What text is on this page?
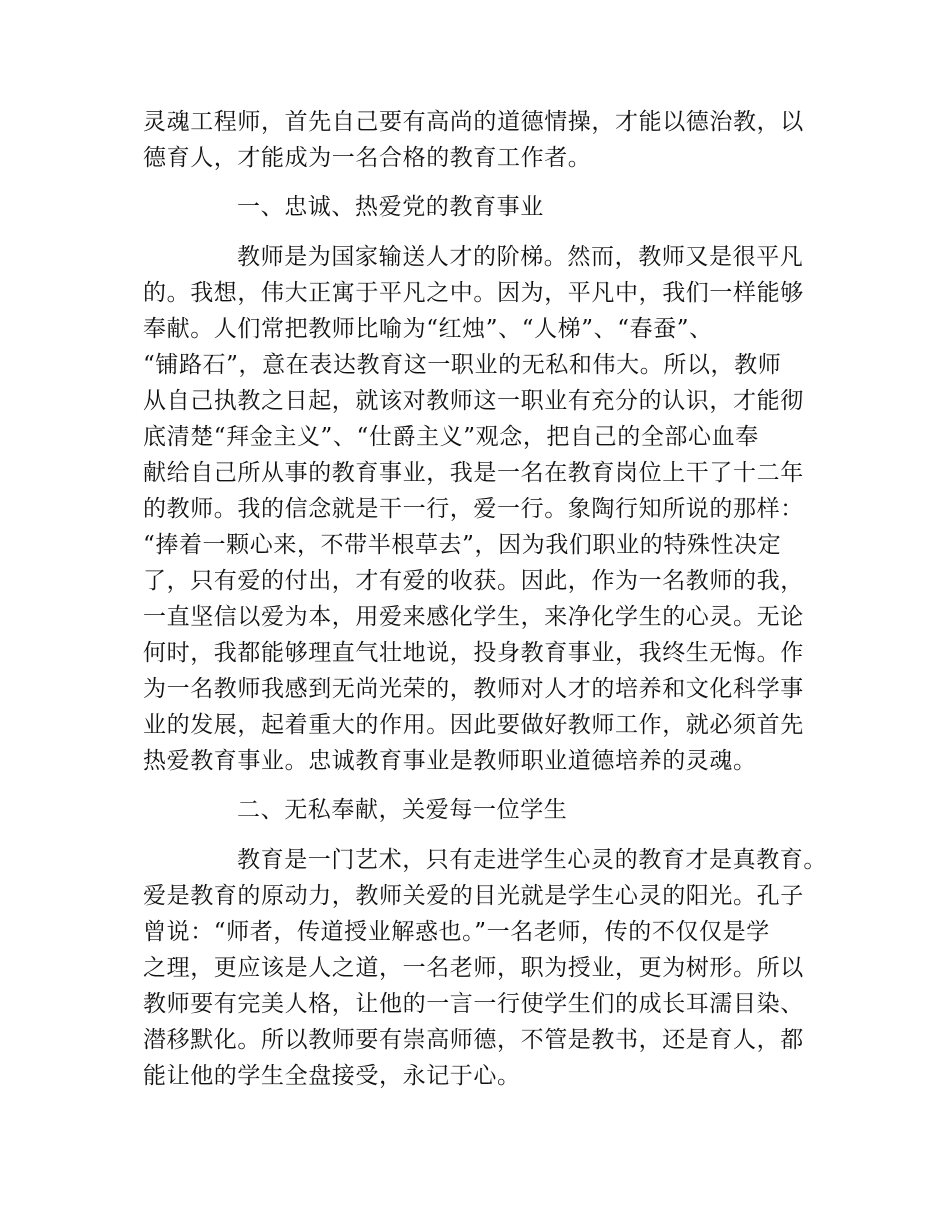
灵魂工程师，首先自己要有高尚的道德情操，才能以德治教，以
德育人，才能成为一名合格的教育工作者。
一、忠诚、热爱党的教育事业
教师是为国家输送人才的阶梯。然而，教师又是很平凡
的。我想，伟大正寓于平凡之中。因为，平凡中，我们一样能够
奉献。人们常把教师比喻为“红烛”、“人梯”、“春蚕”、
“铺路石”，意在表达教育这一职业的无私和伟大。所以，教师
从自己执教之日起，就该对教师这一职业有充分的认识，才能彻
底清楚“拜金主义”、“仕爵主义”观念，把自己的全部心血奉
献给自己所从事的教育事业，我是一名在教育岗位上干了十二年
的教师。我的信念就是干一行，爱一行。象陶行知所说的那样：
“捧着一颗心来，不带半根草去”，因为我们职业的特殊性决定
了，只有爱的付出，才有爱的收获。因此，作为一名教师的我，
一直坚信以爱为本，用爱来感化学生，来净化学生的心灵。无论
何时，我都能够理直气壮地说，投身教育事业，我终生无悔。作
为一名教师我感到无尚光荣的，教师对人才的培养和文化科学事
业的发展，起着重大的作用。因此要做好教师工作，就必须首先
热爱教育事业。忠诚教育事业是教师职业道德培养的灵魂。
二、无私奉献，关爱每一位学生
教育是一门艺术，只有走进学生心灵的教育才是真教育。
爱是教育的原动力，教师关爱的目光就是学生心灵的阳光。孔子
曾说：“师者，传道授业解惑也。”一名老师，传的不仅仅是学
之理，更应该是人之道，一名老师，职为授业，更为树形。所以
教师要有完美人格，让他的一言一行使学生们的成长耳濡目染、
潜移默化。所以教师要有崇高师德，不管是教书，还是育人，都
能让他的学生全盘接受，永记于心。
